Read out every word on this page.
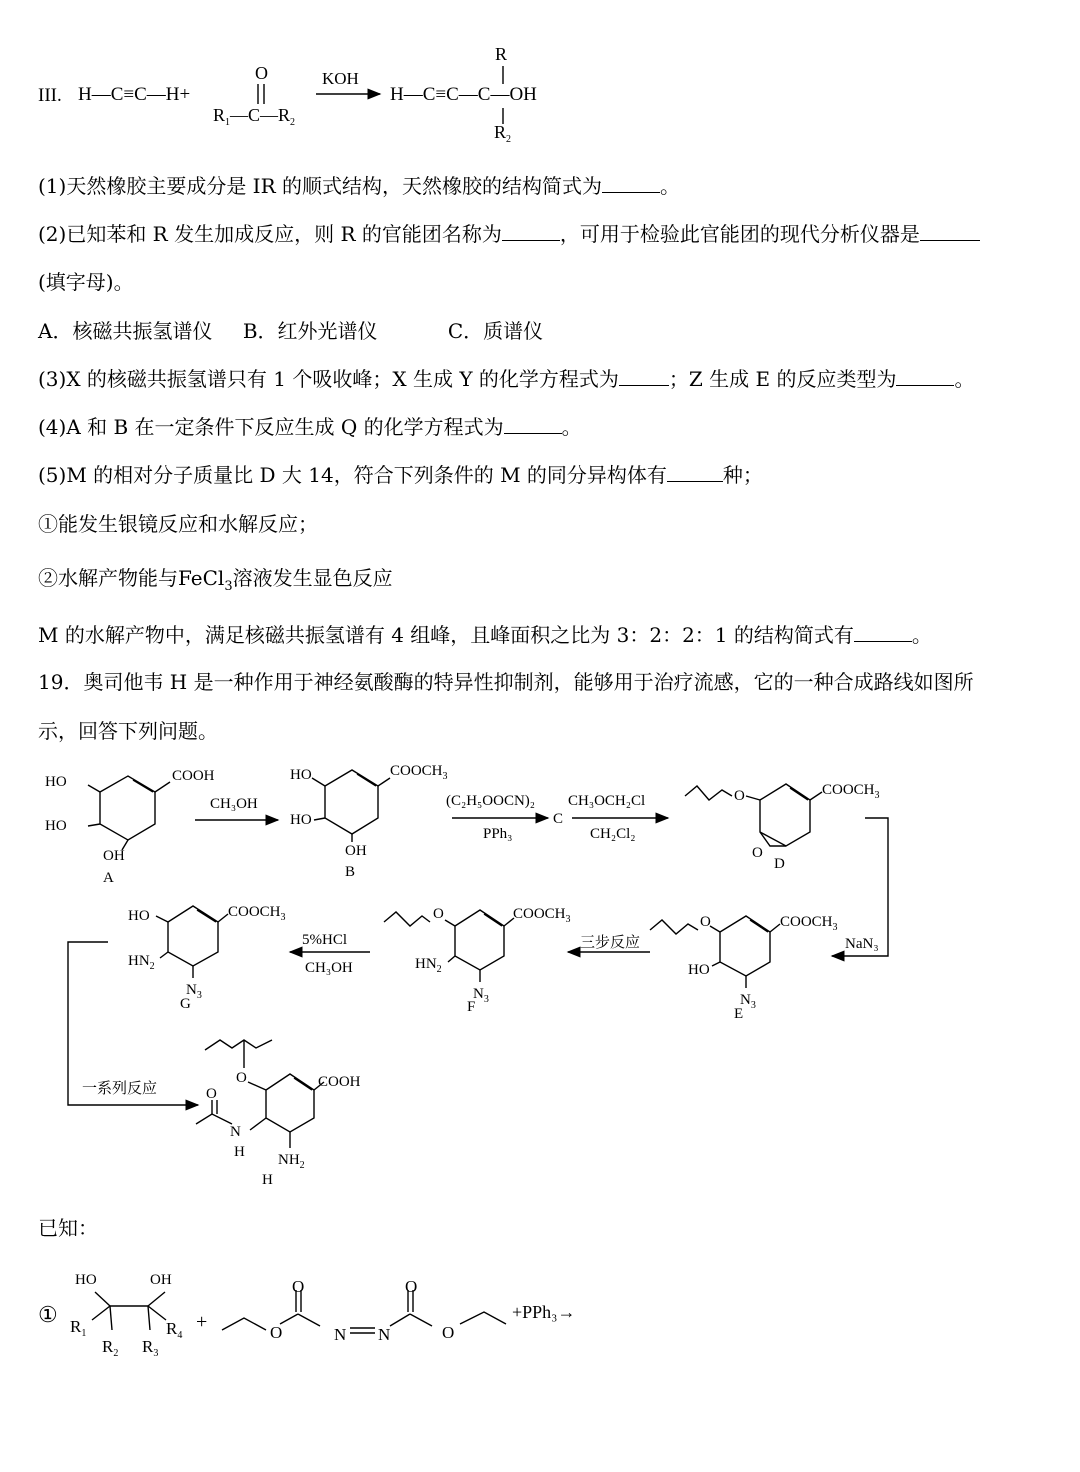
III. H—C≡C—H+
O
$R_1—C—R_2$
KOH
R
H—C≡C—C—OH
$R_2$
HO	COOH
HO
OH
A
CH₃OH
HO	$COOCH_3$
HO
OH
B
(C₂H₅OOCN)₂
PPh₃
C
CH₃OCH₂Cl
CH₂Cl₂
O	$COOCH_3$
O
D
NaN₃
O	$COOCH_3$
HO
$N_3$
E
三步反应
O	$COOCH_3$
$HN_2$
$N_3$
F
5%HCl
CH₃OH
HO	$COOCH_3$
$HN_2$
$N_3$
G
一系列反应
O	COOH
O
N
H $NH_2$
H
①
HO	OH
$R_1$
$R_2$ $R_3$
$R_4$
+	O
O
N N
O
O
+PPh₃→
(1)天然橡胶主要成分是 IR 的顺式结构，天然橡胶的结构简式为	。
(2)已知苯和 R 发生加成反应，则 R 的官能团名称为	，可用于检验此官能团的现代分析仪器是
(填字母)。
A．核磁共振氢谱仪 B．红外光谱仪	C．质谱仪
(3)X 的核磁共振氢谱只有 1 个吸收峰；X 生成 Y 的化学方程式为	；Z 生成 E 的反应类型为	。
(4)A 和 B 在一定条件下反应生成 Q 的化学方程式为	。
(5)M 的相对分子质量比 D 大 14，符合下列条件的 M 的同分异构体有	种；
①能发生银镜反应和水解反应；
②水解产物能与FeCl$_3$溶液发生显色反应
M 的水解产物中，满足核磁共振氢谱有 4 组峰，且峰面积之比为 3：2：2：1 的结构简式有	。
19．奥司他韦 H 是一种作用于神经氨酸酶的特异性抑制剂，能够用于治疗流感，它的一种合成路线如图所
示，回答下列问题。
已知：
